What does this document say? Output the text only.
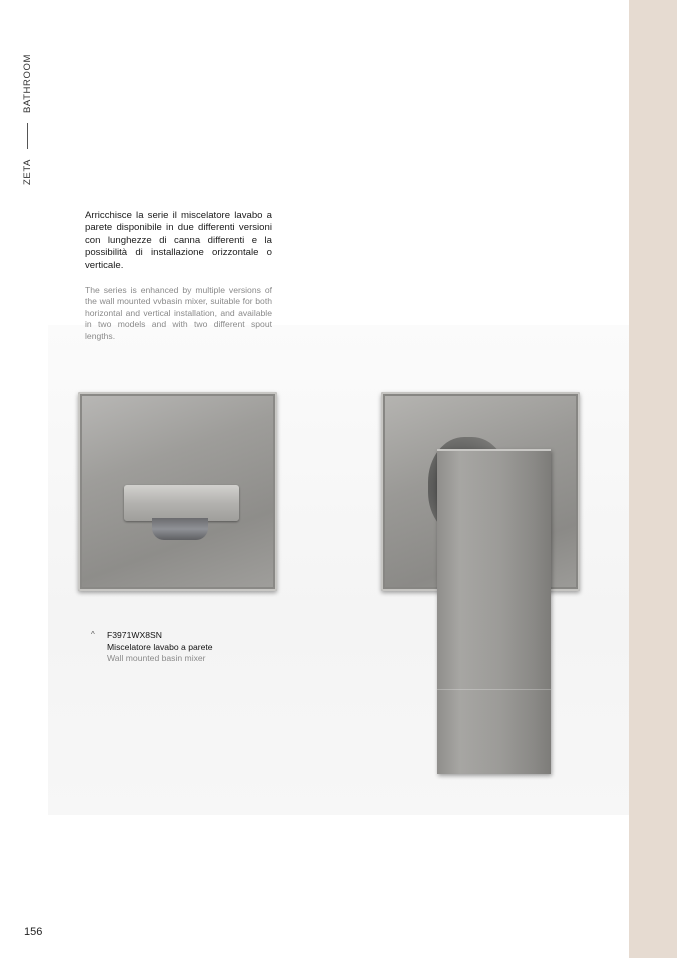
ZETA
BATHROOM

Arricchisce la serie il miscelatore lavabo a parete disponibile in due differenti versioni con lunghezze di canna differenti e la possibilità di installazione orizzontale o verticale.

The series is enhanced by multiple versions of the wall mounted vvbasin mixer, suitable for both horizontal and vertical installation, and available in two models and with two different spout lengths.

^ F3971WX8SN
Miscelatore lavabo a parete
Wall mounted basin mixer
156
